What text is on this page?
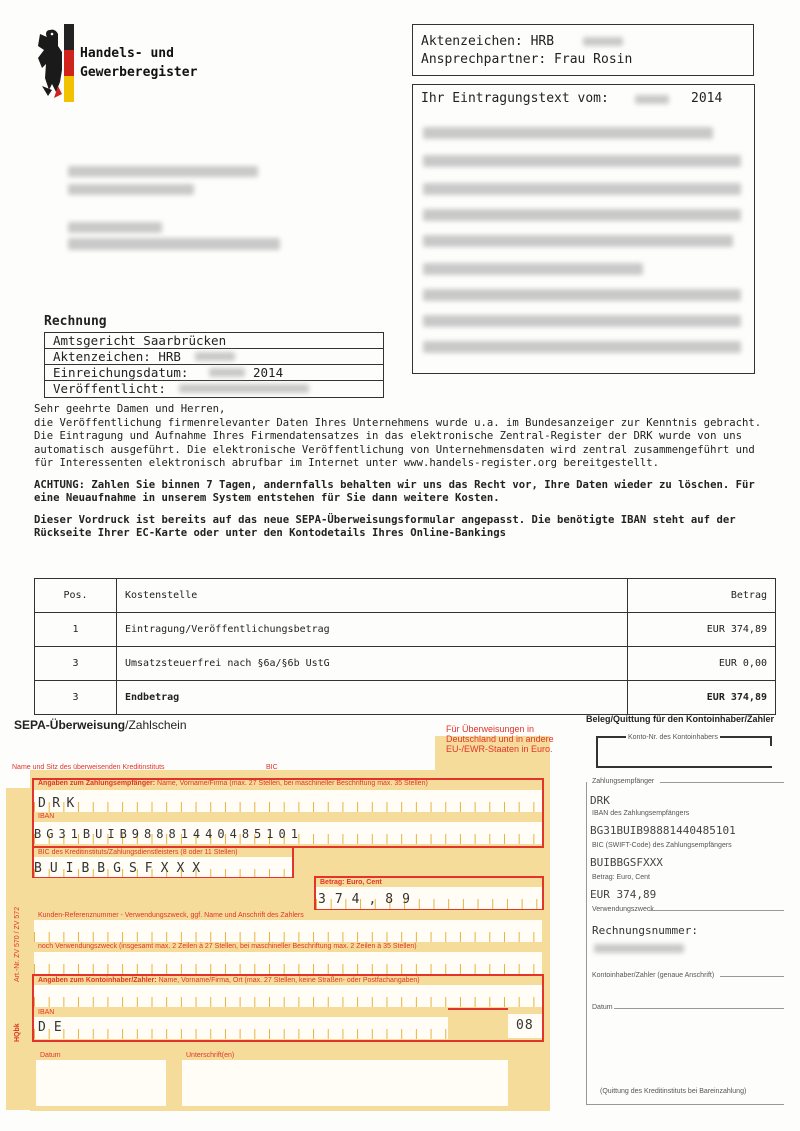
Handels- und
Gewerberegister
Aktenzeichen: HRB
Ansprechpartner: Frau Rosin
Ihr Eintragungstext vom:	2014
Rechnung
Amtsgericht Saarbrücken
Aktenzeichen: HRB
Einreichungsdatum:	2014
Veröffentlicht:
Sehr geehrte Damen und Herren,

die Veröffentlichung firmenrelevanter Daten Ihres Unternehmens wurde u.a. im Bundesanzeiger zur Kenntnis gebracht. Die Eintragung und Aufnahme Ihres Firmendatensatzes in das elektronische Zentral-Register der DRK wurde von uns automatisch ausgeführt. Die elektronische Veröffentlichung von Unternehmensdaten wird zentral zusammengeführt und für Interessenten elektronisch abrufbar im Internet unter www.handels-register.org bereitgestellt.

ACHTUNG: Zahlen Sie binnen 7 Tagen, andernfalls behalten wir uns das Recht vor, Ihre Daten wieder zu löschen. Für eine Neuaufnahme in unserem System entstehen für Sie dann weitere Kosten.

Dieser Vordruck ist bereits auf das neue SEPA-Überweisungsformular angepasst. Die benötigte IBAN steht auf der Rückseite Ihrer EC-Karte oder unter den Kontodetails Ihres Online-Bankings

Pos.	Kostenstelle	Betrag
1	Eintragung/Veröffentlichungsbetrag	EUR 374,89
3	Umsatzsteuerfrei nach §6a/§6b UstG	EUR 0,00
3	Endbetrag	EUR 374,89
SEPA-Überweisung/Zahlschein
Name und Sitz des überweisenden Kreditinstituts	BIC
Für Überweisungen in Deutschland und in andere EU-/EWR-Staaten in Euro.
Angaben zum Zahlungsempfänger: Name, Vorname/Firma (max. 27 Stellen, bei maschineller Beschriftung max. 35 Stellen)
DRK
IBAN
BG31BUIB98881440485101
BIC des Kreditinstituts/Zahlungsdienstleisters (8 oder 11 Stellen)
BUIBBGSFXXX
Betrag: Euro, Cent
374,89
Kunden-Referenznummer - Verwendungszweck, ggf. Name und Anschrift des Zahlers
noch Verwendungszweck (insgesamt max. 2 Zeilen à 27 Stellen, bei maschineller Beschriftung max. 2 Zeilen à 35 Stellen)
Angaben zum Kontoinhaber/Zahler: Name, Vorname/Firma, Ort (max. 27 Stellen, keine Straßen- oder Postfachangaben)
IBAN
DE	08
Datum	Unterschrift(en)
Art.-Nr. ZV 570 / ZV 572
HQbk
Beleg/Quittung für den Kontoinhaber/Zahler
Konto-Nr. des Kontoinhabers
Zahlungsempfänger
DRK
IBAN des Zahlungsempfängers
BG31BUIB98881440485101
BIC (SWIFT-Code) des Zahlungsempfängers
BUIBBGSFXXX
Betrag: Euro, Cent
EUR 374,89
Verwendungszweck
Rechnungsnummer:
Kontoinhaber/Zahler (genaue Anschrift)
Datum
(Quittung des Kreditinstituts bei Bareinzahlung)
